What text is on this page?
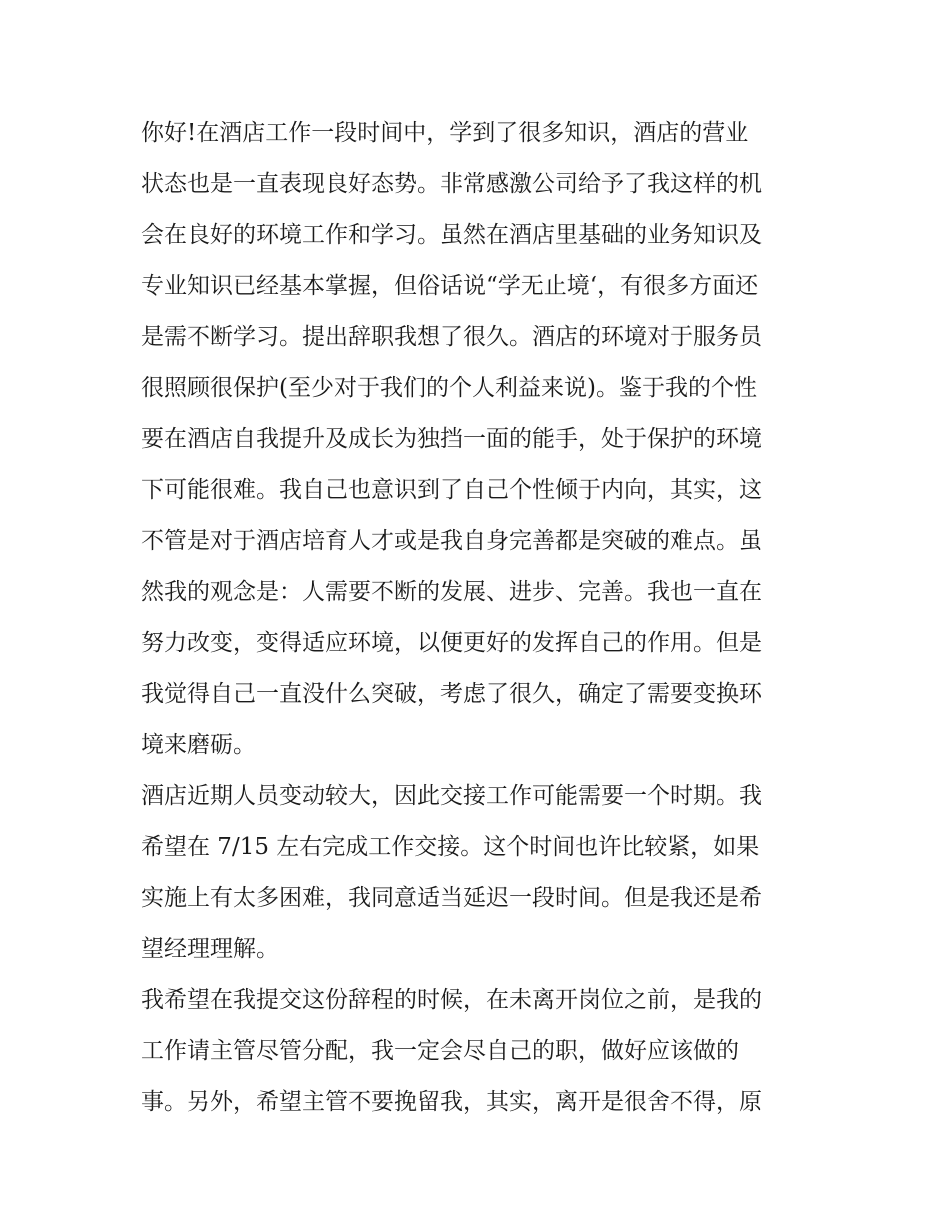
你好!在酒店工作一段时间中，学到了很多知识，酒店的营业
状态也是一直表现良好态势。非常感激公司给予了我这样的机
会在良好的环境工作和学习。虽然在酒店里基础的业务知识及
专业知识已经基本掌握，但俗话说“学无止境‘，有很多方面还
是需不断学习。提出辞职我想了很久。酒店的环境对于服务员
很照顾很保护(至少对于我们的个人利益来说)。鉴于我的个性
要在酒店自我提升及成长为独挡一面的能手，处于保护的环境
下可能很难。我自己也意识到了自己个性倾于内向，其实，这
不管是对于酒店培育人才或是我自身完善都是突破的难点。虽
然我的观念是：人需要不断的发展、进步、完善。我也一直在
努力改变，变得适应环境，以便更好的发挥自己的作用。但是
我觉得自己一直没什么突破，考虑了很久，确定了需要变换环
境来磨砺。
酒店近期人员变动较大，因此交接工作可能需要一个时期。我
希望在 7/15 左右完成工作交接。这个时间也许比较紧，如果
实施上有太多困难，我同意适当延迟一段时间。但是我还是希
望经理理解。
我希望在我提交这份辞程的时候，在未离开岗位之前，是我的
工作请主管尽管分配，我一定会尽自己的职，做好应该做的
事。另外，希望主管不要挽留我，其实，离开是很舍不得，原
